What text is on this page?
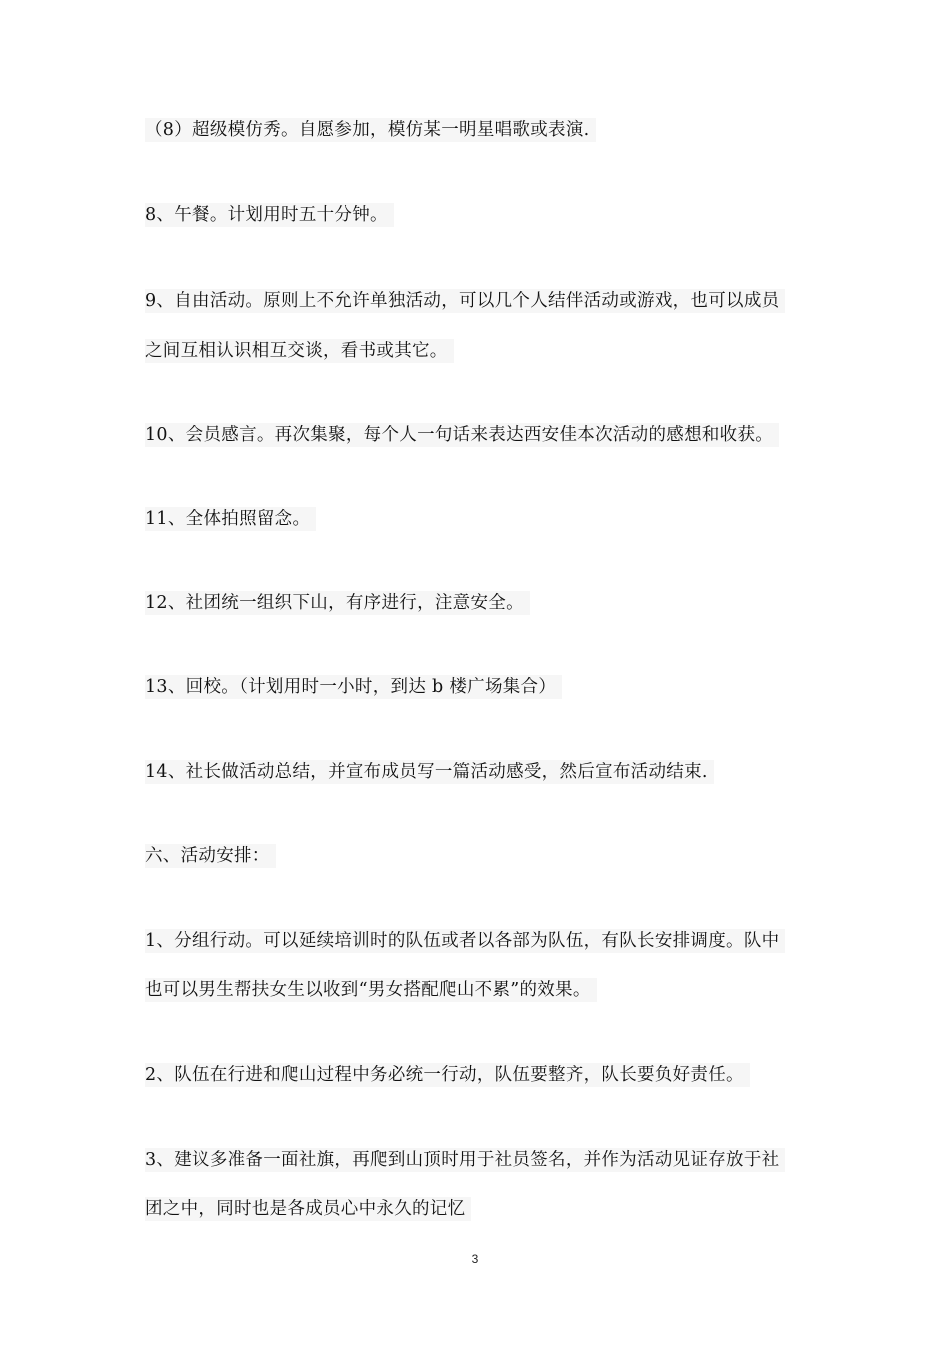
（8）超级模仿秀。自愿参加，模仿某一明星唱歌或表演.
8、午餐。计划用时五十分钟。
9、自由活动。原则上不允许单独活动，可以几个人结伴活动或游戏，也可以成员
之间互相认识相互交谈，看书或其它。
10、会员感言。再次集聚，每个人一句话来表达西安佳本次活动的感想和收获。
11、全体拍照留念。
12、社团统一组织下山，有序进行，注意安全。
13、回校。（计划用时一小时，到达 b 楼广场集合）
14、社长做活动总结，并宣布成员写一篇活动感受，然后宣布活动结束.
六、活动安排：
1、分组行动。可以延续培训时的队伍或者以各部为队伍，有队长安排调度。队中
也可以男生帮扶女生以收到“男女搭配爬山不累”的效果。
2、队伍在行进和爬山过程中务必统一行动，队伍要整齐，队长要负好责任。
3、建议多准备一面社旗，再爬到山顶时用于社员签名，并作为活动见证存放于社
团之中，同时也是各成员心中永久的记忆
3
